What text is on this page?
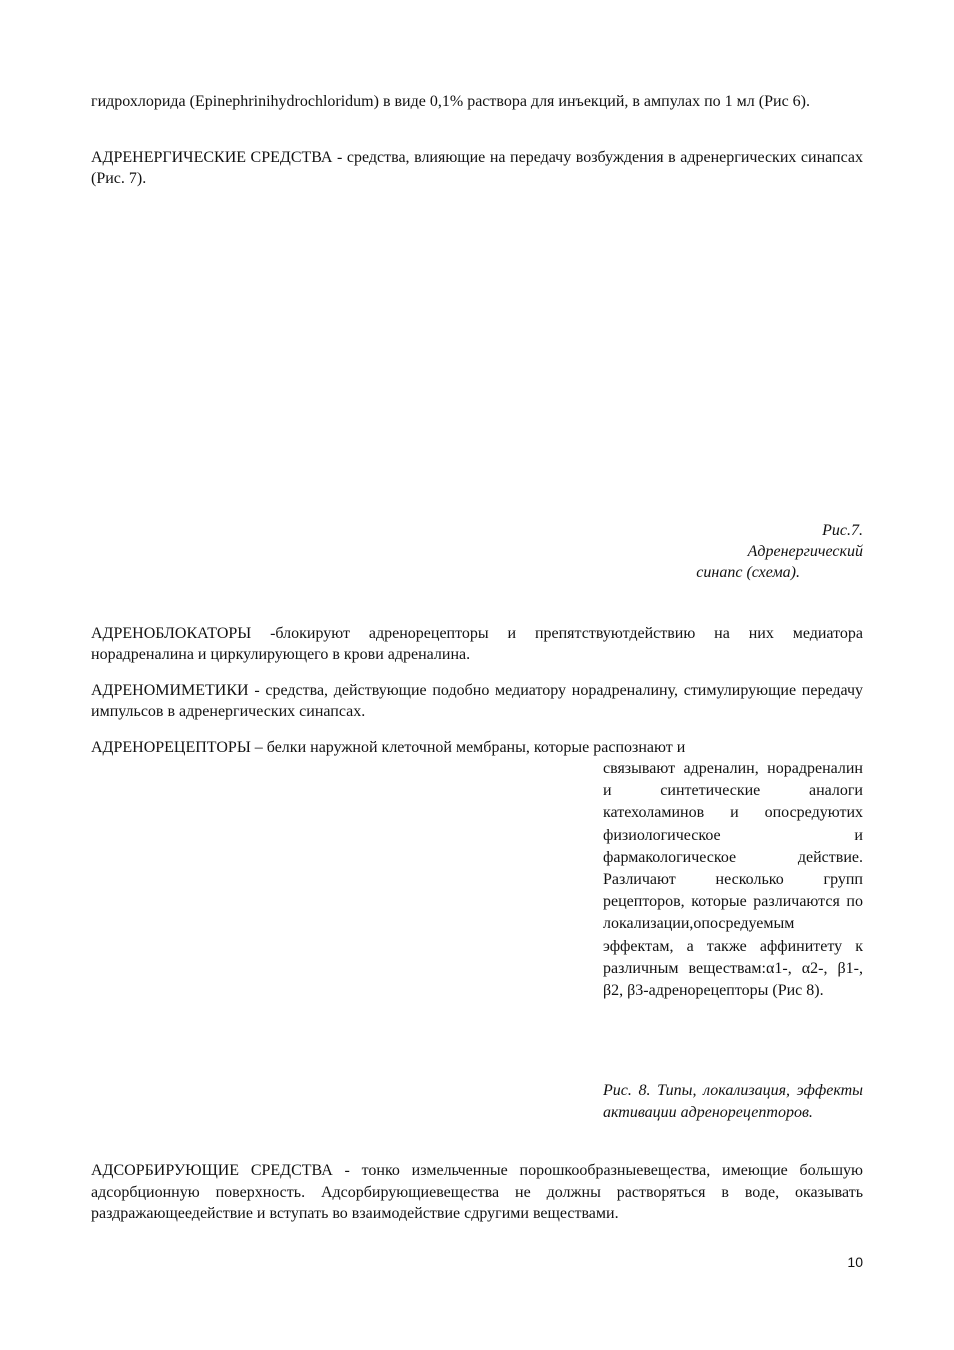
гидрохлорида (Epinephrinihydrochloridum) в виде 0,1% раствора для инъекций, в ампулах по 1 мл (Рис 6).

АДРЕНЕРГИЧЕСКИЕ СРЕДСТВА - средства, влияющие на передачу возбуждения в адренергических синапсах (Рис. 7).

Рис.7.
Адренергический
синапс (схема).

АДРЕНОБЛОКАТОРЫ -блокируют адренорецепторы и препятствуютдействию на них медиатора норадреналина и циркулирующего в крови адреналина.

АДРЕНОМИМЕТИКИ - средства, действующие подобно медиатору норадреналину, стимулирующие передачу импульсов в адренергических синапсах.

АДРЕНОРЕЦЕПТОРЫ – белки наружной клеточной мембраны, которые распознают и

связывают адреналин, норадреналин и синтетические аналоги катехоламинов и опосредуютих физиологическое и фармакологическое действие. Различают несколько групп рецепторов, которые различаются по локализации,опосредуемым эффектам, а также аффинитету к различным веществам:α1-, α2-, β1-, β2, β3-адренорецепторы (Рис 8).

Рис. 8. Типы, локализация, эффекты активации адренорецепторов.

АДСОРБИРУЮЩИЕ СРЕДСТВА - тонко измельченные порошкообразныевещества, имеющие большую адсорбционную поверхность. Адсорбирующиевещества не должны растворяться в воде, оказывать раздражающеедействие и вступать во взаимодействие сдругими веществами.

10
